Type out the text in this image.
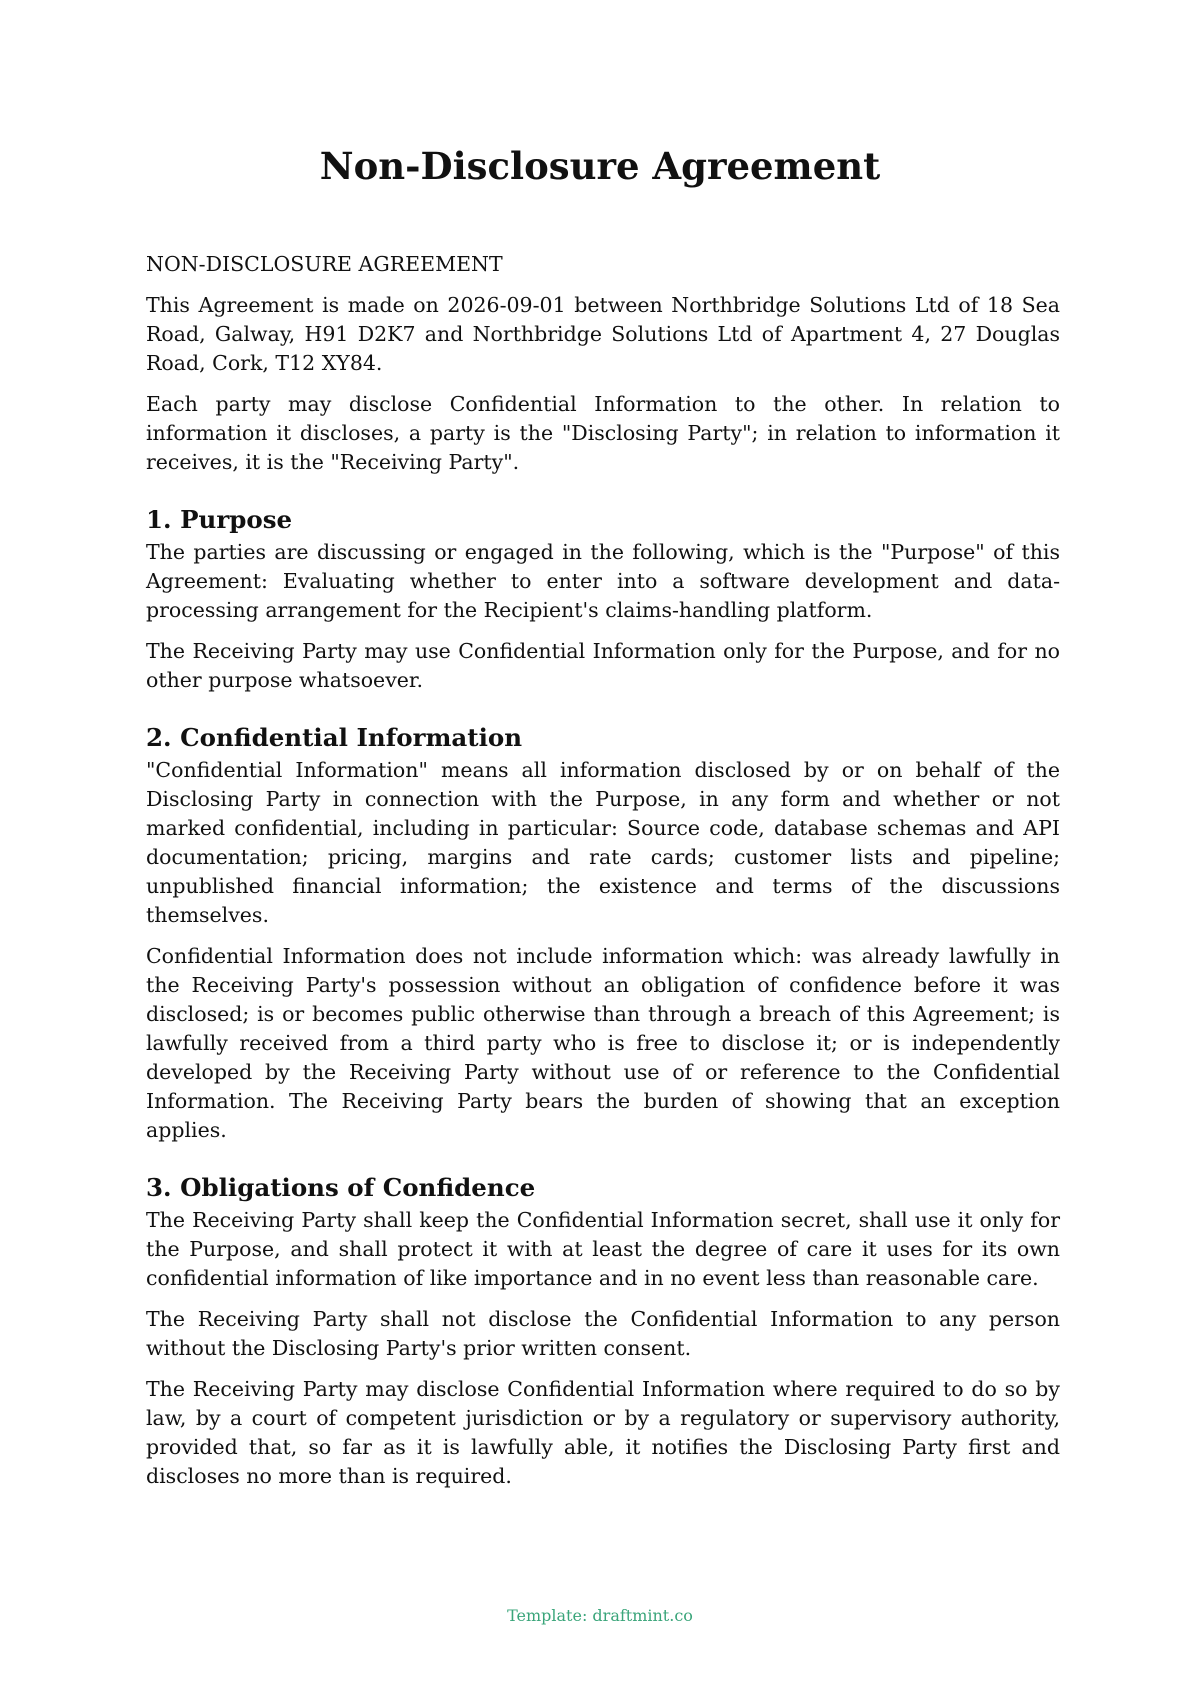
Non-Disclosure Agreement

NON-DISCLOSURE AGREEMENT

This Agreement is made on 2026-09-01 between Northbridge Solutions Ltd of 18 Sea Road, Galway, H91 D2K7 and Northbridge Solutions Ltd of Apartment 4, 27 Douglas Road, Cork, T12 XY84.

Each party may disclose Confidential Information to the other. In relation to information it discloses, a party is the "Disclosing Party"; in relation to information it receives, it is the "Receiving Party".

1. Purpose

The parties are discussing or engaged in the following, which is the "Purpose" of this Agreement: Evaluating whether to enter into a software development and data-processing arrangement for the Recipient's claims-handling platform.

The Receiving Party may use Confidential Information only for the Purpose, and for no other purpose whatsoever.

2. Confidential Information

"Confidential Information" means all information disclosed by or on behalf of the Disclosing Party in connection with the Purpose, in any form and whether or not marked confidential, including in particular: Source code, database schemas and API documentation; pricing, margins and rate cards; customer lists and pipeline; unpublished financial information; the existence and terms of the discussions themselves.

Confidential Information does not include information which: was already lawfully in the Receiving Party's possession without an obligation of confidence before it was disclosed; is or becomes public otherwise than through a breach of this Agreement; is lawfully received from a third party who is free to disclose it; or is independently developed by the Receiving Party without use of or reference to the Confidential Information. The Receiving Party bears the burden of showing that an exception applies.

3. Obligations of Confidence

The Receiving Party shall keep the Confidential Information secret, shall use it only for the Purpose, and shall protect it with at least the degree of care it uses for its own confidential information of like importance and in no event less than reasonable care.

The Receiving Party shall not disclose the Confidential Information to any person without the Disclosing Party's prior written consent.

The Receiving Party may disclose Confidential Information where required to do so by law, by a court of competent jurisdiction or by a regulatory or supervisory authority, provided that, so far as it is lawfully able, it notifies the Disclosing Party first and discloses no more than is required.

Template: draftmint.co
